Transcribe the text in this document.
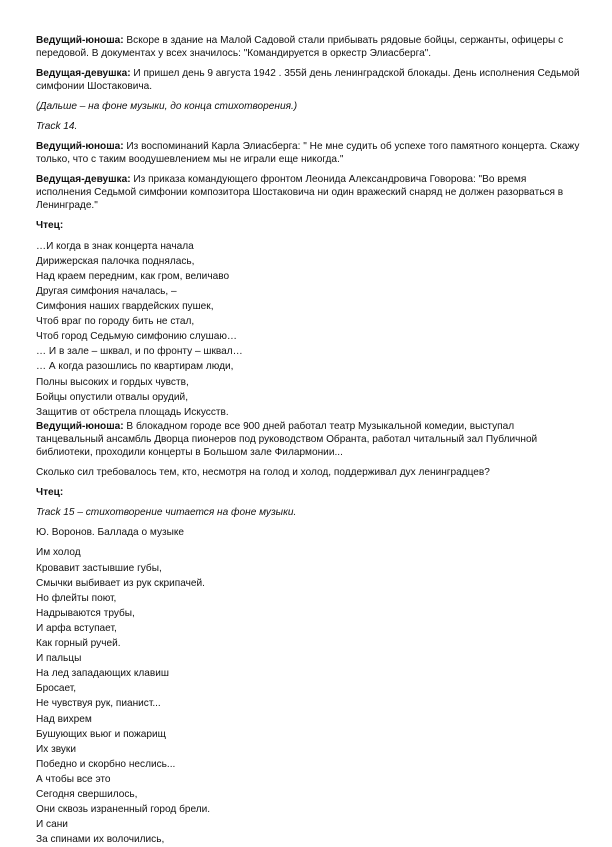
Ведущий-юноша: Вскоре в здание на Малой Садовой стали прибывать рядовые бойцы, сержанты, офицеры с передовой. В документах у всех значилось: "Командируется в оркестр Элиасберга".

Ведущая-девушка: И пришел день 9 августа 1942 . 355й день ленинградской блокады. День исполнения Седьмой симфонии Шостаковича.

(Дальше – на фоне музыки, до конца стихотворения.)

Track 14.

Ведущий-юноша: Из воспоминаний Карла Элиасберга: " Не мне судить об успехе того памятного концерта. Скажу только, что с таким воодушевлением мы не играли еще никогда."

Ведущая-девушка: Из приказа командующего фронтом Леонида Александровича Говорова: "Во время исполнения Седьмой симфонии композитора Шостаковича ни один вражеский снаряд не должен разорваться в Ленинграде."

Чтец:

…И когда в знак концерта начала
Дирижерская палочка поднялась,
Над краем передним, как гром, величаво
Другая симфония началась, –
Симфония наших гвардейских пушек,
Чтоб враг по городу бить не стал,
Чтоб город Седьмую симфонию слушаю…
… И в зале – шквал, и по фронту – шквал…
… А когда разошлись по квартирам люди,
Полны высоких и гордых чувств,
Бойцы опустили отвалы орудий,
Защитив от обстрела площадь Искусств.

Ведущий-юноша: В блокадном городе все 900 дней работал театр Музыкальной комедии, выступал танцевальный ансамбль Дворца пионеров под руководством Обранта, работал читальный зал Публичной библиотеки, проходили концерты в Большом зале Филармонии...

Сколько сил требовалось тем, кто, несмотря на голод и холод, поддерживал дух ленинградцев?

Чтец:

Track 15 – стихотворение читается на фоне музыки.

Ю. Воронов. Баллада о музыке

Им холод
Кровавит застывшие губы,
Смычки выбивает из рук скрипачей.
Но флейты поют,
Надрываются трубы,
И арфа вступает,
Как горный ручей.
И пальцы
На лед западающих клавиш
Бросает,
Не чувствуя рук, пианист...
Над вихрем
Бушующих вьюг и пожарищ
Их звуки
Победно и скорбно неслись...
А чтобы все это
Сегодня свершилось,
Они сквозь израненный город брели.
И сани
За спинами их волочились,
